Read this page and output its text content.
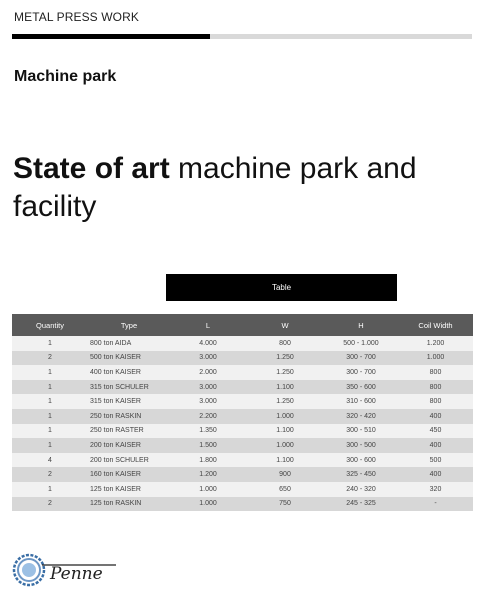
METAL PRESS WORK
Machine park
State of art machine park and facility
Table
Quantity	Type	L	W	H	Coil Width
1	800 ton AIDA	4.000	800	500 - 1.000	1.200
2	500 ton KAISER	3.000	1.250	300 - 700	1.000
1	400 ton KAISER	2.000	1.250	300 - 700	800
1	315 ton SCHULER	3.000	1.100	350 - 600	800
1	315 ton KAISER	3.000	1.250	310 - 600	800
1	250 ton RASKIN	2.200	1.000	320 - 420	400
1	250 ton RASTER	1.350	1.100	300 - 510	450
1	200 ton KAISER	1.500	1.000	300 - 500	400
4	200 ton SCHULER	1.800	1.100	300 - 600	500
2	160 ton KAISER	1.200	900	325 - 450	400
1	125 ton KAISER	1.000	650	240 - 320	320
2	125 ton RASKIN	1.000	750	245 - 325	-
Penne
